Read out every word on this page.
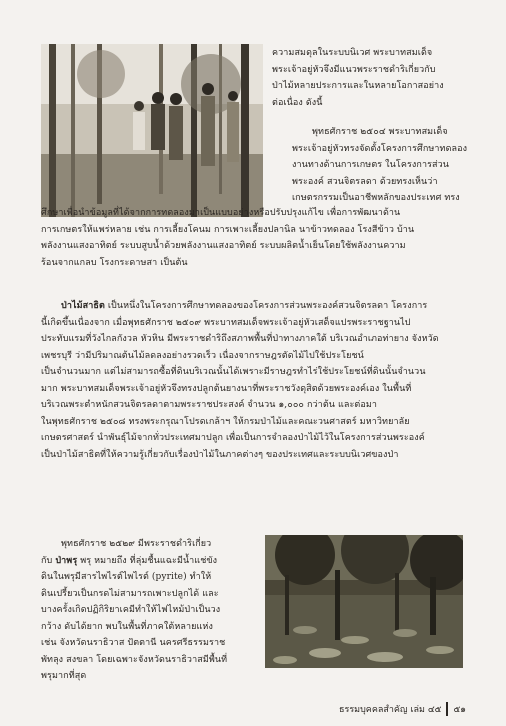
ความสมดุลในระบบนิเวศ พระบาทสมเด็จ
พระเจ้าอยู่หัวจึงมีแนวพระราชดำริเกี่ยวกับ
ป่าไม้หลายประการและในหลายโอกาสอย่าง
ต่อเนื่อง ดังนี้
พุทธศักราช ๒๕๐๔ พระบาทสมเด็จ
พระเจ้าอยู่หัวทรงจัดตั้งโครงการศึกษาทดลอง
งานทางด้านการเกษตร ในโครงการส่วน
พระองค์ สวนจิตรลดา ด้วยทรงเห็นว่า
เกษตรกรรมเป็นอาชีพหลักของประเทศ ทรง
ศึกษาเพื่อนำข้อมูลที่ได้จากการทดลองมาเป็นแบบอย่างหรือปรับปรุงแก้ไข เพื่อการพัฒนาด้าน
การเกษตรให้แพร่หลาย เช่น การเลี้ยงโคนม การเพาะเลี้ยงปลานิล นาข้าวทดลอง โรงสีข้าว บ้าน
พลังงานแสงอาทิตย์ ระบบสูบน้ำด้วยพลังงานแสงอาทิตย์ ระบบผลิตน้ำเย็นโดยใช้พลังงานความ
ร้อนจากแกลบ โรงกระดาษสา เป็นต้น
ป่าไม้สาธิต เป็นหนึ่งในโครงการศึกษาทดลองของโครงการส่วนพระองค์สวนจิตรลดา โครงการ
นี้เกิดขึ้นเนื่องจาก เมื่อพุทธศักราช ๒๕๐๙ พระบาทสมเด็จพระเจ้าอยู่หัวเสด็จแปรพระราชฐานไป
ประทับแรมที่วังไกลกังวล หัวหิน มีพระราชดำริถึงสภาพพื้นที่ป่าทางภาคใต้ บริเวณอำเภอท่ายาง จังหวัด
เพชรบุรี ว่ามีปริมาณต้นไม้ลดลงอย่างรวดเร็ว เนื่องจากราษฎรตัดไม้ไปใช้ประโยชน์
เป็นจำนวนมาก แต่ไม่สามารถซื้อที่ดินบริเวณนั้นได้เพราะมีราษฎรทำไร่ใช้ประโยชน์ที่ดินนั้นจำนวน
มาก พระบาทสมเด็จพระเจ้าอยู่หัวจึงทรงปลูกต้นยางนาที่พระราชวังดุสิตด้วยพระองค์เอง ในพื้นที่
บริเวณพระตำหนักสวนจิตรลดาตามพระราชประสงค์ จำนวน ๑,๐๐๐ กว่าต้น และต่อมา
ในพุทธศักราช ๒๕๐๘ ทรงพระกรุณาโปรดเกล้าฯ ให้กรมป่าไม้และคณะวนศาสตร์ มหาวิทยาลัย
เกษตรศาสตร์ นำพันธุ์ไม้จากทั่วประเทศมาปลูก เพื่อเป็นการจำลองป่าไม้ไว้ในโครงการส่วนพระองค์
เป็นป่าไม้สาธิตที่ให้ความรู้เกี่ยวกับเรื่องป่าไม้ในภาคต่างๆ ของประเทศและระบบนิเวศของป่า
พุทธศักราช ๒๕๒๙ มีพระราชดำริเกี่ยว
กับ ป่าพรุ พรุ หมายถึง ที่ลุ่มชื้นแฉะมีน้ำแช่ขัง
ดินในพรุมีสารไพไรต์ไพไรต์ (pyrite) ทำให้
ดินเปรี้ยวเป็นกรดไม่สามารถเพาะปลูกได้ และ
บางครั้งเกิดปฏิกิริยาเคมีทำให้ไฟไหม้ป่าเป็นวง
กว้าง ดับได้ยาก พบในพื้นที่ภาคใต้หลายแห่ง
เช่น จังหวัดนราธิวาส ปัตตานี นครศรีธรรมราช
พัทลุง สงขลา โดยเฉพาะจังหวัดนราธิวาสมีพื้นที่
พรุมากที่สุด
ธรรมบุคคลสำคัญ เล่ม ๔๕ ๕๑
